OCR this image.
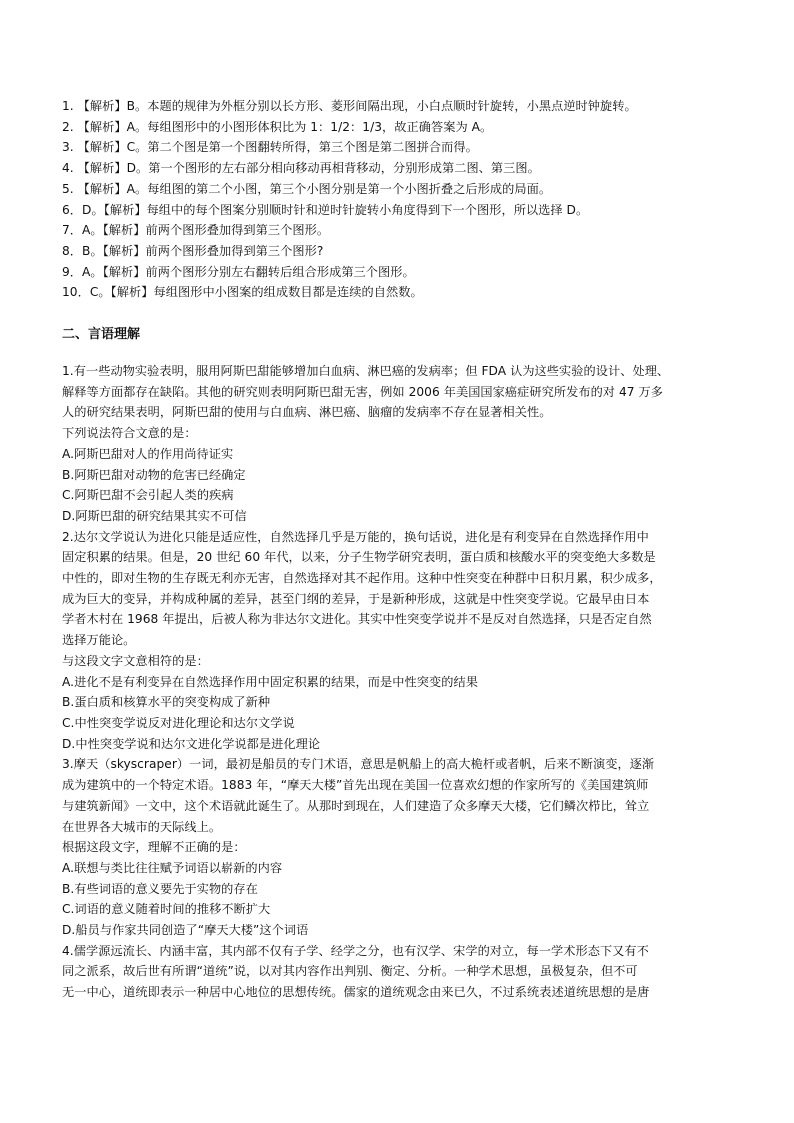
1. 【解析】B。本题的规律为外框分别以长方形、菱形间隔出现，小白点顺时针旋转，小黑点逆时钟旋转。

2. 【解析】A。每组图形中的小图形体积比为 1：1/2：1/3，故正确答案为 A。

3. 【解析】C。第二个图是第一个图翻转所得，第三个图是第二图拼合而得。

4. 【解析】D。第一个图形的左右部分相向移动再相背移动，分别形成第二图、第三图。

5. 【解析】A。每组图的第二个小图，第三个小图分别是第一个小图折叠之后形成的局面。

6．D。【解析】每组中的每个图案分别顺时针和逆时针旋转小角度得到下一个图形，所以选择 D。

7．A。【解析】前两个图形叠加得到第三个图形。

8．B。【解析】前两个图形叠加得到第三个图形?

9．A。【解析】前两个图形分别左右翻转后组合形成第三个图形。

10．C。【解析】每组图形中小图案的组成数目都是连续的自然数。

二、言语理解

1.有一些动物实验表明，服用阿斯巴甜能够增加白血病、淋巴癌的发病率；但 FDA 认为这些实验的设计、处理、

解释等方面都存在缺陷。其他的研究则表明阿斯巴甜无害，例如 2006 年美国国家癌症研究所发布的对 47 万多

人的研究结果表明，阿斯巴甜的使用与白血病、淋巴癌、脑瘤的发病率不存在显著相关性。

下列说法符合文意的是：

A.阿斯巴甜对人的作用尚待证实

B.阿斯巴甜对动物的危害已经确定

C.阿斯巴甜不会引起人类的疾病

D.阿斯巴甜的研究结果其实不可信

2.达尔文学说认为进化只能是适应性，自然选择几乎是万能的，换句话说，进化是有利变异在自然选择作用中

固定积累的结果。但是，20 世纪 60 年代，以来，分子生物学研究表明，蛋白质和核酸水平的突变绝大多数是

中性的，即对生物的生存既无利亦无害，自然选择对其不起作用。这种中性突变在种群中日积月累，积少成多，

成为巨大的变异，并构成种属的差异，甚至门纲的差异，于是新种形成，这就是中性突变学说。它最早由日本

学者木村在 1968 年提出，后被人称为非达尔文进化。其实中性突变学说并不是反对自然选择，只是否定自然

选择万能论。

与这段文字文意相符的是：

A.进化不是有利变异在自然选择作用中固定积累的结果，而是中性突变的结果

B.蛋白质和核算水平的突变构成了新种

C.中性突变学说反对进化理论和达尔文学说

D.中性突变学说和达尔文进化学说都是进化理论

3.摩天（skyscraper）一词，最初是船员的专门术语，意思是帆船上的高大桅杆或者帆，后来不断演变，逐渐

成为建筑中的一个特定术语。1883 年，“摩天大楼”首先出现在美国一位喜欢幻想的作家所写的《美国建筑师

与建筑新闻》一文中，这个术语就此诞生了。从那时到现在，人们建造了众多摩天大楼，它们鳞次栉比，耸立

在世界各大城市的天际线上。

根据这段文字，理解不正确的是：

A.联想与类比往往赋予词语以崭新的内容

B.有些词语的意义要先于实物的存在

C.词语的意义随着时间的推移不断扩大

D.船员与作家共同创造了“摩天大楼”这个词语

4.儒学源远流长、内涵丰富，其内部不仅有子学、经学之分，也有汉学、宋学的对立，每一学术形态下又有不

同之派系，故后世有所谓“道统”说，以对其内容作出判别、衡定、分析。一种学术思想，虽极复杂，但不可

无一中心，道统即表示一种居中心地位的思想传统。儒家的道统观念由来已久，不过系统表述道统思想的是唐
